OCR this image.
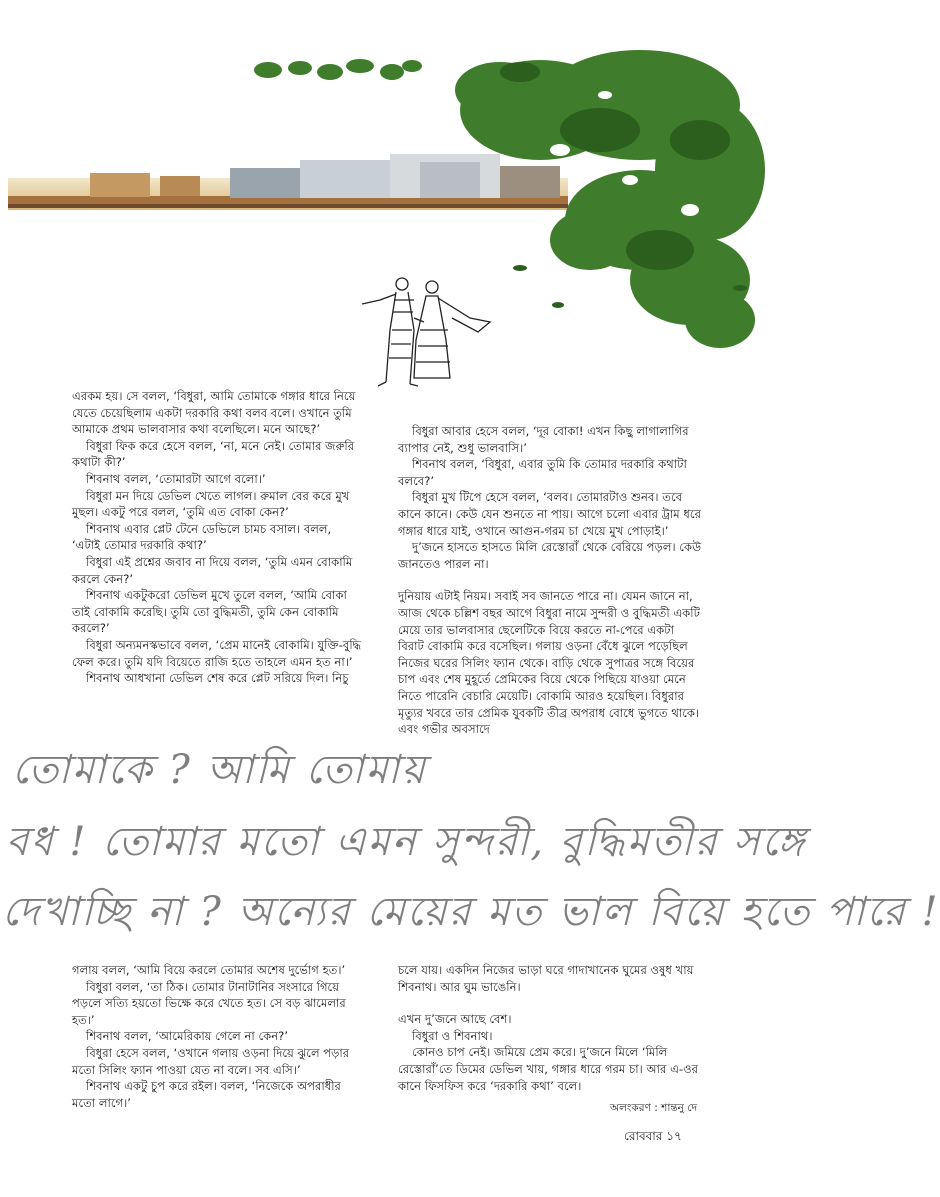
এরকম হয়। সে বলল, ‘বিধুরা, আমি তোমাকে গঙ্গার ধারে নিয়ে যেতে চেয়েছিলাম একটা দরকারি কথা বলব বলে। ওখানে তুমি আমাকে প্রথম ভালবাসার কথা বলেছিলে। মনে আছে?’

বিধুরা ফিক করে হেসে বলল, ‘না, মনে নেই। তোমার জরুরি কথাটা কী?’

শিবনাথ বলল, ‘তোমারটা আগে বলো।’

বিধুরা মন দিয়ে ডেভিল খেতে লাগল। রুমাল বের করে মুখ মুছল। একটু পরে বলল, ‘তুমি এত বোকা কেন?’

শিবনাথ এবার প্লেট টেনে ডেভিলে চামচ বসাল। বলল, ‘এটাই তোমার দরকারি কথা?’

বিধুরা এই প্রশ্নের জবাব না দিয়ে বলল, ‘তুমি এমন বোকামি করলে কেন?’

শিবনাথ একটুকরো ডেভিল মুখে তুলে বলল, ‘আমি বোকা তাই বোকামি করেছি। তুমি তো বুদ্ধিমতী, তুমি কেন বোকামি করলে?’

বিধুরা অন্যমনস্কভাবে বলল, ‘প্রেম মানেই বোকামি। যুক্তি-বুদ্ধি ফেল করে। তুমি যদি বিয়েতে রাজি হতে তাহলে এমন হত না।’

শিবনাথ আধখানা ডেভিল শেষ করে প্লেট সরিয়ে দিল। নিচু

বিধুরা আবার হেসে বলল, ‘দূর বোকা! এখন কিছু লাগালাগির ব্যাপার নেই, শুধু ভালবাসি।’

শিবনাথ বলল, ‘বিধুরা, এবার তুমি কি তোমার দরকারি কথাটা বলবে?’

বিধুরা মুখ টিপে হেসে বলল, ‘বলব। তোমারটাও শুনব। তবে কানে কানে। কেউ যেন শুনতে না পায়। আগে চলো এবার ট্রাম ধরে গঙ্গার ধারে যাই, ওখানে আগুন-গরম চা খেয়ে মুখ পোড়াই।’

দু’জনে হাসতে হাসতে মিলি রেস্তোরাঁ থেকে বেরিয়ে পড়ল। কেউ জানতেও পারল না।

দুনিয়ায় এটাই নিয়ম। সবাই সব জানতে পারে না। যেমন জানে না, আজ থেকে চল্লিশ বছর আগে বিধুরা নামে সুন্দরী ও বুদ্ধিমতী একটি মেয়ে তার ভালবাসার ছেলেটিকে বিয়ে করতে না-পেরে একটা বিরাট বোকামি করে বসেছিল। গলায় ওড়না বেঁধে ঝুলে পড়েছিল নিজের ঘরের সিলিং ফ্যান থেকে। বাড়ি থেকে সুপাত্রর সঙ্গে বিয়ের চাপ এবং শেষ মুহূর্তে প্রেমিকের বিয়ে থেকে পিছিয়ে যাওয়া মেনে নিতে পারেনি বেচারি মেয়েটি। বোকামি আরও হয়েছিল। বিধুরার মৃত্যুর খবরে তার প্রেমিক যুবকটি তীব্র অপরাধ বোধে ভুগতে থাকে। এবং গভীর অবসাদে

তোমাকে ? আমি তোমায়
বধ ! তোমার মতো এমন সুন্দরী, বুদ্ধিমতীর সঙ্গে
দেখাচ্ছি না ? অন্যের মেয়ের মত ভাল বিয়ে হতে পারে !

গলায় বলল, ‘আমি বিয়ে করলে তোমার অশেষ দুর্ভোগ হত।’

বিধুরা বলল, ‘তা ঠিক। তোমার টানাটানির সংসারে গিয়ে পড়লে সত্যি হয়তো ভিক্ষে করে খেতে হত। সে বড় ঝামেলার হত।’

শিবনাথ বলল, ‘আমেরিকায় গেলে না কেন?’

বিধুরা হেসে বলল, ‘ওখানে গলায় ওড়না দিয়ে ঝুলে পড়ার মতো সিলিং ফ্যান পাওয়া যেত না বলে। সব এসি।’

শিবনাথ একটু চুপ করে রইল। বলল, ‘নিজেকে অপরাধীর মতো লাগে।’

চলে যায়। একদিন নিজের ভাড়া ঘরে গাদাখানেক ঘুমের ওষুধ খায় শিবনাথ। আর ঘুম ভাঙেনি।

এখন দু’জনে আছে বেশ।

বিধুরা ও শিবনাথ।

কোনও চাপ নেই। জমিয়ে প্রেম করে। দু’জনে মিলে ‘মিলি রেস্তোরাঁ’তে ডিমের ডেভিল খায়, গঙ্গার ধারে গরম চা। আর এ-ওর কানে ফিসফিস করে ‘দরকারি কথা’ বলে।

অলংকরণ : শান্তনু দে
রোববার ১৭
